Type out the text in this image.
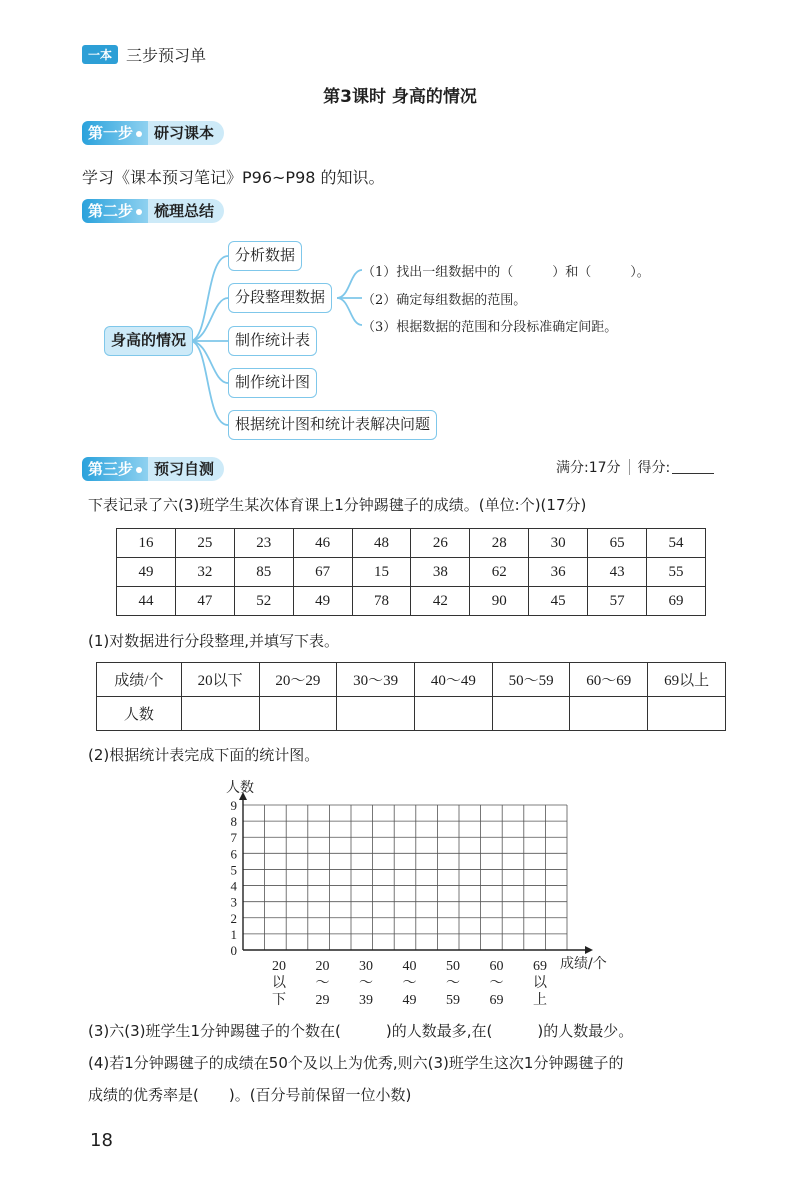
一本 三步预习单
第3课时 身高的情况
第一步	研习课本
学习《课本预习笔记》P96~P98 的知识。
第二步	梳理总结
身高的情况
分析数据
分段整理数据
制作统计表
制作统计图
根据统计图和统计表解决问题
（1）找出一组数据中的（　　　）和（　　　）。
（2）确定每组数据的范围。
（3）根据数据的范围和分段标准确定间距。
第三步	预习自测	满分:17分 得分:
下表记录了六(3)班学生某次体育课上1分钟踢毽子的成绩。(单位:个)(17分)
16	25	23	46	48	26	28	30	65	54
49	32	85	67	15	38	62	36	43	55
44	47	52	49	78	42	90	45	57	69
(1)对数据进行分段整理,并填写下表。
成绩/个	20以下	20～29	30～39	40～49	50～59	60～69	69以上
人数							
(2)根据统计表完成下面的统计图。
0
1
2
3
4
5
6
7
8
9
人数
成绩/个
20
以
下
20
～
29
30
～
39
40
～
49
50
～
59
60
～
69
69
以
上
(3)六(3)班学生1分钟踢毽子的个数在(　　　)的人数最多,在(　　　)的人数最少。
(4)若1分钟踢毽子的成绩在50个及以上为优秀,则六(3)班学生这次1分钟踢毽子的
成绩的优秀率是(　　)。(百分号前保留一位小数)
18
